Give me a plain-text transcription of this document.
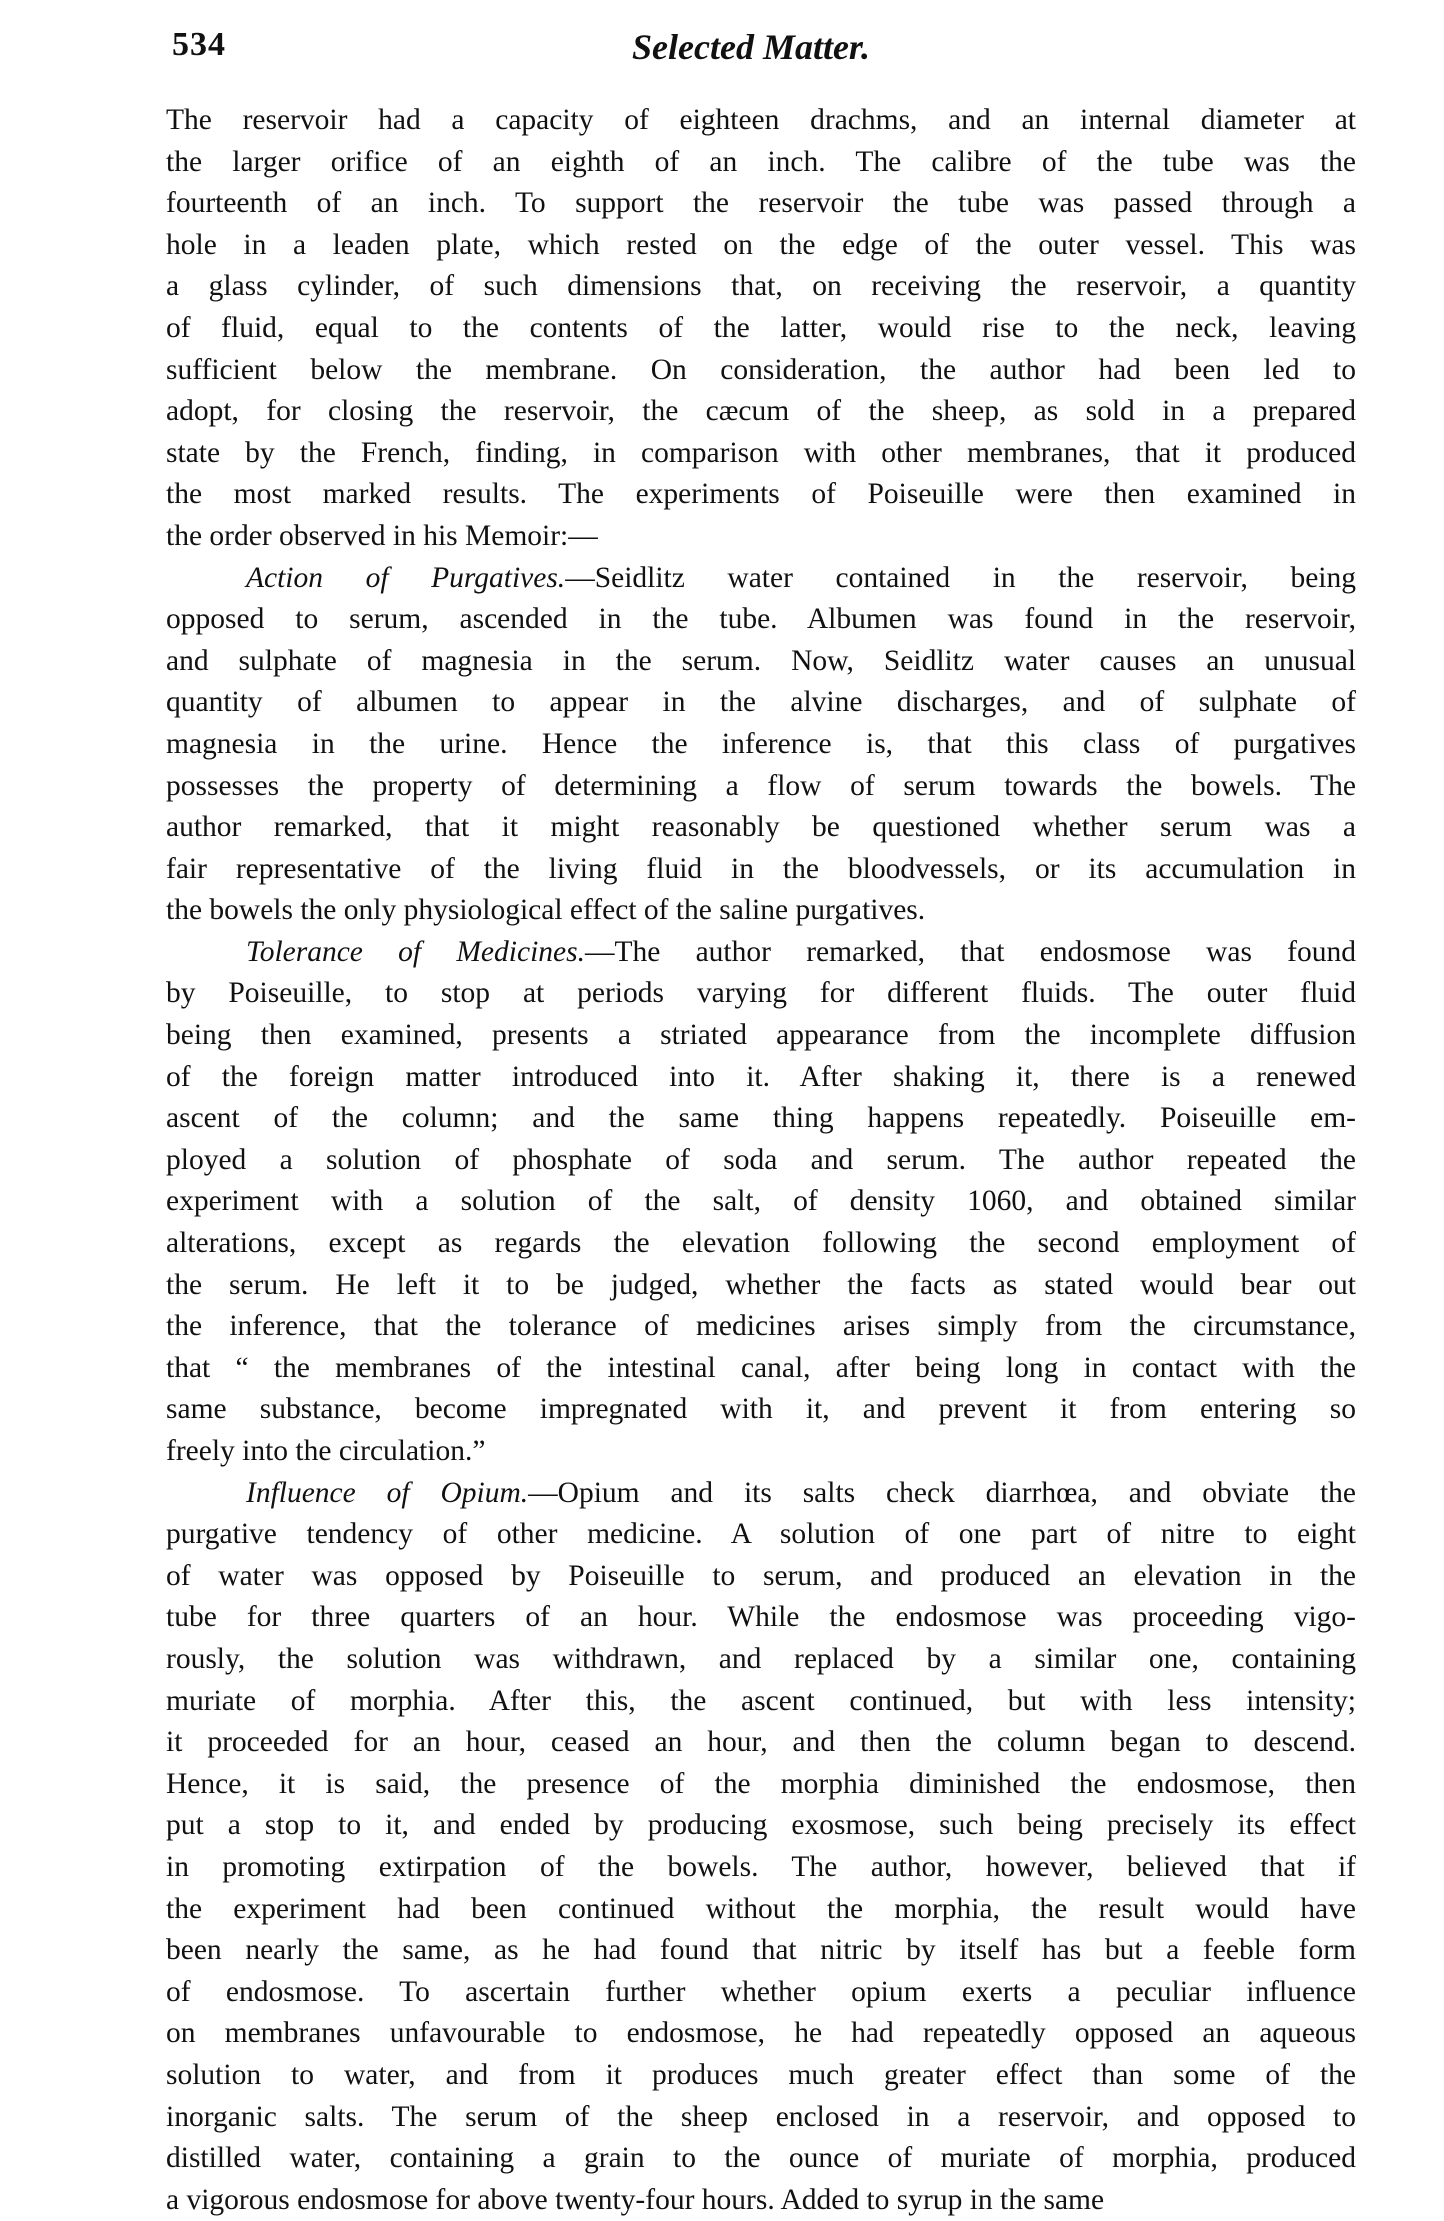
534	Selected Matter.
The reservoir had a capacity of eighteen drachms, and an internal diameter at
the larger orifice of an eighth of an inch. The calibre of the tube was the
fourteenth of an inch. To support the reservoir the tube was passed through a
hole in a leaden plate, which rested on the edge of the outer vessel. This was
a glass cylinder, of such dimensions that, on receiving the reservoir, a quantity
of fluid, equal to the contents of the latter, would rise to the neck, leaving
sufficient below the membrane. On consideration, the author had been led to
adopt, for closing the reservoir, the cæcum of the sheep, as sold in a prepared
state by the French, finding, in comparison with other membranes, that it produced
the most marked results. The experiments of Poiseuille were then examined in
the order observed in his Memoir:—
Action of Purgatives.—Seidlitz water contained in the reservoir, being
opposed to serum, ascended in the tube. Albumen was found in the reservoir,
and sulphate of magnesia in the serum. Now, Seidlitz water causes an unusual
quantity of albumen to appear in the alvine discharges, and of sulphate of
magnesia in the urine. Hence the inference is, that this class of purgatives
possesses the property of determining a flow of serum towards the bowels. The
author remarked, that it might reasonably be questioned whether serum was a
fair representative of the living fluid in the bloodvessels, or its accumulation in
the bowels the only physiological effect of the saline purgatives.
Tolerance of Medicines.—The author remarked, that endosmose was found
by Poiseuille, to stop at periods varying for different fluids. The outer fluid
being then examined, presents a striated appearance from the incomplete diffusion
of the foreign matter introduced into it. After shaking it, there is a renewed
ascent of the column; and the same thing happens repeatedly. Poiseuille em-
ployed a solution of phosphate of soda and serum. The author repeated the
experiment with a solution of the salt, of density 1060, and obtained similar
alterations, except as regards the elevation following the second employment of
the serum. He left it to be judged, whether the facts as stated would bear out
the inference, that the tolerance of medicines arises simply from the circumstance,
that “ the membranes of the intestinal canal, after being long in contact with the
same substance, become impregnated with it, and prevent it from entering so
freely into the circulation.”
Influence of Opium.—Opium and its salts check diarrhœa, and obviate the
purgative tendency of other medicine. A solution of one part of nitre to eight
of water was opposed by Poiseuille to serum, and produced an elevation in the
tube for three quarters of an hour. While the endosmose was proceeding vigo-
rously, the solution was withdrawn, and replaced by a similar one, containing
muriate of morphia. After this, the ascent continued, but with less intensity;
it proceeded for an hour, ceased an hour, and then the column began to descend.
Hence, it is said, the presence of the morphia diminished the endosmose, then
put a stop to it, and ended by producing exosmose, such being precisely its effect
in promoting extirpation of the bowels. The author, however, believed that if
the experiment had been continued without the morphia, the result would have
been nearly the same, as he had found that nitric by itself has but a feeble form
of endosmose. To ascertain further whether opium exerts a peculiar influence
on membranes unfavourable to endosmose, he had repeatedly opposed an aqueous
solution to water, and from it produces much greater effect than some of the
inorganic salts. The serum of the sheep enclosed in a reservoir, and opposed to
distilled water, containing a grain to the ounce of muriate of morphia, produced
a vigorous endosmose for above twenty-four hours. Added to syrup in the same
